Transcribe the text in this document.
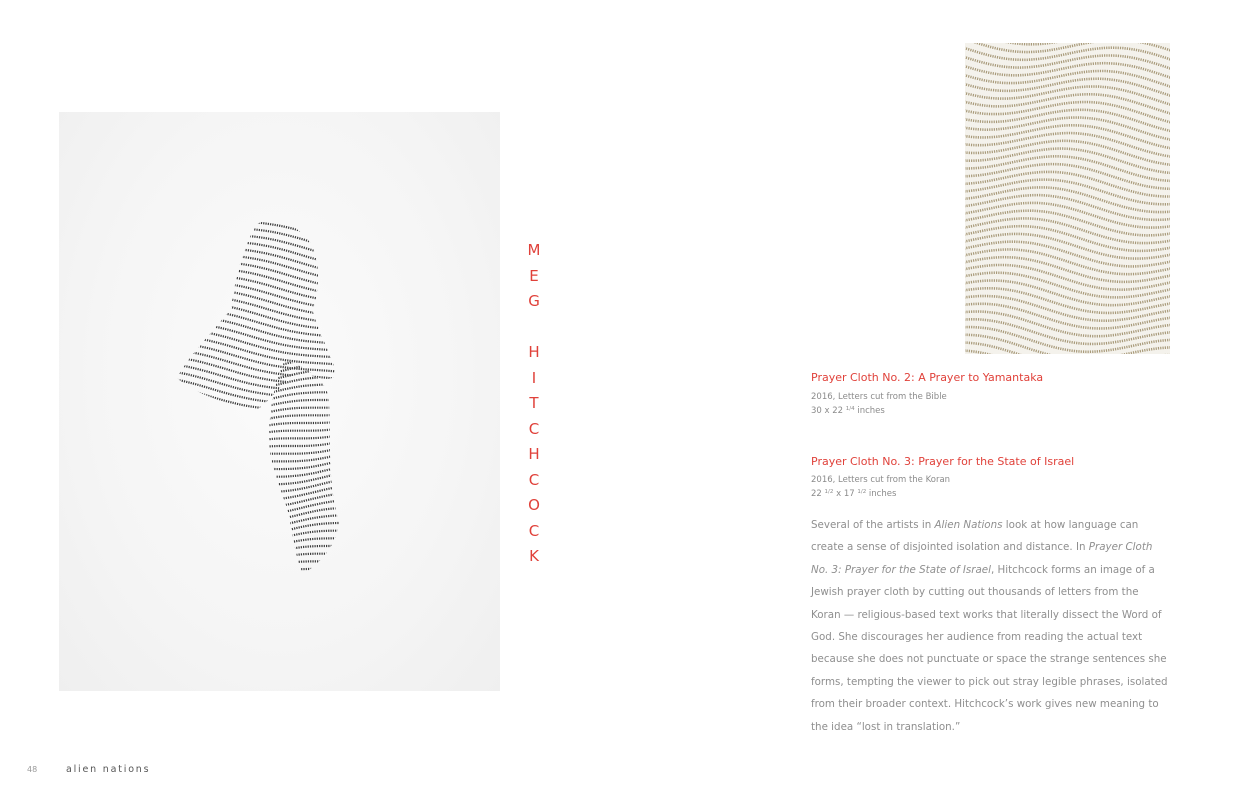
M
E
G
H
I
T
C
H
C
O
C
K
Prayer Cloth No. 2: A Prayer to Yamantaka
2016, Letters cut from the Bible
30 x 22 $^{1/4}$ inches
Prayer Cloth No. 3: Prayer for the State of Israel
2016, Letters cut from the Koran
22 $^{1/2}$ x 17 $^{1/2}$ inches

Several of the artists in Alien Nations look at how language can create a sense of disjointed isolation and distance. In Prayer Cloth No. 3: Prayer for the State of Israel, Hitchcock forms an image of a Jewish prayer cloth by cutting out thousands of letters from the Koran — religious-based text works that literally dissect the Word of God. She discourages her audience from reading the actual text because she does not punctuate or space the strange sentences she forms, tempting the viewer to pick out stray legible phrases, isolated from their broader context. Hitchcock’s work gives new meaning to the idea “lost in translation.”

48	alien nations
